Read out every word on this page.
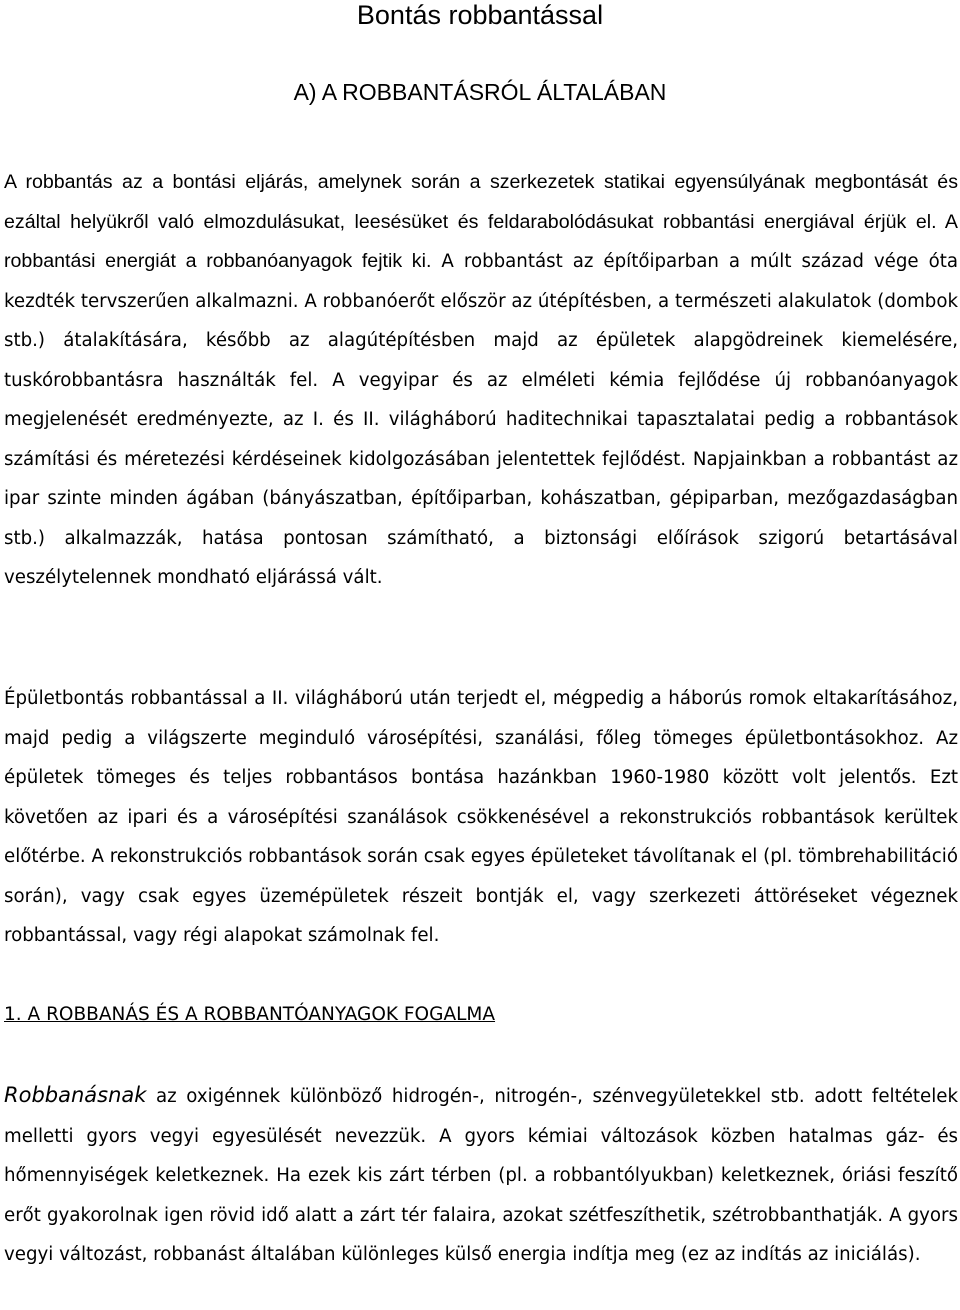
Bontás robbantással
A) A ROBBANTÁSRÓL ÁLTALÁBAN

A robbantás az a bontási eljárás, amelynek során a szerkezetek statikai egyensúlyának megbontását és ezáltal helyükről való elmozdulásukat, leesésüket és feldarabolódásukat robbantási energiával érjük el. A robbantási energiát a robbanóanyagok fejtik ki. A robbantást az építőiparban a múlt század vége óta kezdték tervszerűen alkalmazni. A robbanóerőt először az útépítésben, a természeti alakulatok (dombok stb.) átalakítására, később az alagútépítésben majd az épületek alapgödreinek kiemelésére, tuskórobbantásra használták fel. A vegyipar és az elméleti kémia fejlődése új robbanóanyagok megjelenését eredményezte, az I. és II. világháború haditechnikai tapasztalatai pedig a robbantások számítási és méretezési kérdéseinek kidolgozásában jelentettek fejlődést. Napjainkban a robbantást az ipar szinte minden ágában (bányászatban, építőiparban, kohászatban, gépiparban, mezőgazdaságban stb.) alkalmazzák, hatása pontosan számítható, a biztonsági előírások szigorú betartásával veszélytelennek mondható eljárássá vált.

Épületbontás robbantással a II. világháború után terjedt el, mégpedig a háborús romok eltakarításához, majd pedig a világszerte meginduló városépítési, szanálási, főleg tömeges épületbontásokhoz. Az épületek tömeges és teljes robbantásos bontása hazánkban 1960-1980 között volt jelentős. Ezt követően az ipari és a városépítési szanálások csökkenésével a rekonstrukciós robbantások kerültek előtérbe. A rekonstrukciós robbantások során csak egyes épületeket távolítanak el (pl. tömbrehabilitáció során), vagy csak egyes üzemépületek részeit bontják el, vagy szerkezeti áttöréseket végeznek robbantással, vagy régi alapokat számolnak fel.

1. A ROBBANÁS ÉS A ROBBANTÓANYAGOK FOGALMA

Robbanásnak az oxigénnek különböző hidrogén-, nitrogén-, szénvegyületekkel stb. adott feltételek melletti gyors vegyi egyesülését nevezzük. A gyors kémiai változások közben hatalmas gáz- és hőmennyiségek keletkeznek. Ha ezek kis zárt térben (pl. a robbantólyukban) keletkeznek, óriási feszítő erőt gyakorolnak igen rövid idő alatt a zárt tér falaira, azokat szétfeszíthetik, szétrobbanthatják. A gyors vegyi változást, robbanást általában különleges külső energia indítja meg (ez az indítás az iniciálás).
